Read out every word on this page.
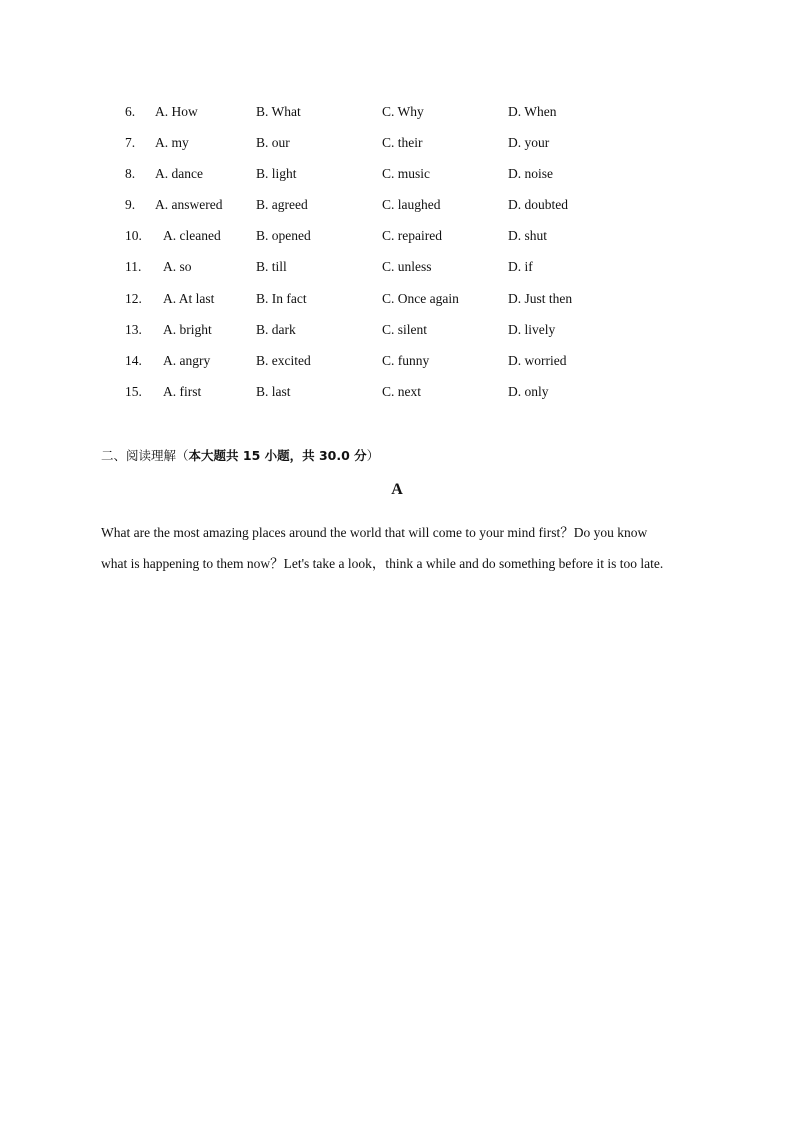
6. A. How	B. What	C. Why	D. When
7. A. my	B. our	C. their	D. your
8. A. dance	B. light	C. music	D. noise
9. A. answered B. agreed	C. laughed	D. doubted
10. A. cleaned	B. opened	C. repaired	D. shut
11. A. so	B. till	C. unless	D. if
12. A. At last	B. In fact	C. Once again	D. Just then
13. A. bright	B. dark	C. silent	D. lively
14. A. angry	B. excited	C. funny	D. worried
15. A. first	B. last	C. next	D. only
二、阅读理解（本大题共 15 小题，共 30.0 分）
A

What are the most amazing places around the world that will come to your mind first？Do you know

what is happening to them now？Let's take a look，think a while and do something before it is too late.
